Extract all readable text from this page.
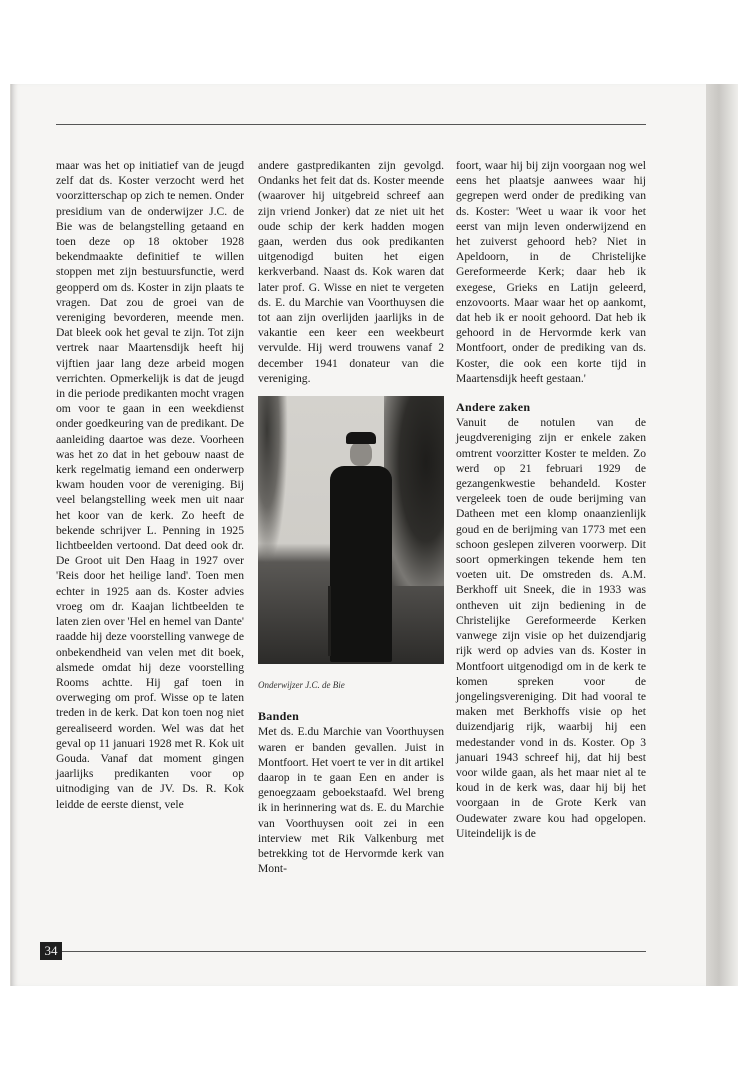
maar was het op initiatief van de jeugd zelf dat ds. Koster verzocht werd het voorzitterschap op zich te nemen. Onder presidium van de onderwijzer J.C. de Bie was de belangstelling getaand en toen deze op 18 oktober 1928 bekendmaakte definitief te willen stoppen met zijn bestuursfunctie, werd geopperd om ds. Koster in zijn plaats te vragen. Dat zou de groei van de vereniging bevorderen, meende men. Dat bleek ook het geval te zijn. Tot zijn vertrek naar Maartensdijk heeft hij vijftien jaar lang deze arbeid mogen verrichten. Opmerkelijk is dat de jeugd in die periode predikanten mocht vragen om voor te gaan in een weekdienst onder goedkeuring van de predikant. De aanleiding daartoe was deze. Voorheen was het zo dat in het gebouw naast de kerk regelmatig iemand een onderwerp kwam houden voor de vereniging. Bij veel belangstelling week men uit naar het koor van de kerk. Zo heeft de bekende schrijver L. Penning in 1925 lichtbeelden vertoond. Dat deed ook dr. De Groot uit Den Haag in 1927 over 'Reis door het heilige land'. Toen men echter in 1925 aan ds. Koster advies vroeg om dr. Kaajan lichtbeelden te laten zien over 'Hel en hemel van Dante' raadde hij deze voorstelling vanwege de onbekendheid van velen met dit boek, alsmede omdat hij deze voorstelling Rooms achtte. Hij gaf toen in overweging om prof. Wisse op te laten treden in de kerk. Dat kon toen nog niet gerealiseerd worden. Wel was dat het geval op 11 januari 1928 met R. Kok uit Gouda. Vanaf dat moment gingen jaarlijks predikanten voor op uitnodiging van de JV. Ds. R. Kok leidde de eerste dienst, vele

andere gastpredikanten zijn gevolgd. Ondanks het feit dat ds. Koster meende (waarover hij uitgebreid schreef aan zijn vriend Jonker) dat ze niet uit het oude schip der kerk hadden mogen gaan, werden dus ook predikanten uitgenodigd buiten het eigen kerkverband. Naast ds. Kok waren dat later prof. G. Wisse en niet te vergeten ds. E. du Marchie van Voorthuysen die tot aan zijn overlijden jaarlijks in de vakantie een keer een weekbeurt vervulde. Hij werd trouwens vanaf 2 december 1941 donateur van die vereniging.

Onderwijzer J.C. de Bie
Banden

Met ds. E.du Marchie van Voorthuysen waren er banden gevallen. Juist in Montfoort. Het voert te ver in dit artikel daarop in te gaan Een en ander is genoegzaam geboekstaafd. Wel breng ik in herinnering wat ds. E. du Marchie van Voorthuysen ooit zei in een interview met Rik Valkenburg met betrekking tot de Hervormde kerk van Mont-

foort, waar hij bij zijn voorgaan nog wel eens het plaatsje aanwees waar hij gegrepen werd onder de prediking van ds. Koster: 'Weet u waar ik voor het eerst van mijn leven onderwijzend en het zuiverst gehoord heb? Niet in Apeldoorn, in de Christelijke Gereformeerde Kerk; daar heb ik exegese, Grieks en Latijn geleerd, enzovoorts. Maar waar het op aankomt, dat heb ik er nooit gehoord. Dat heb ik gehoord in de Hervormde kerk van Montfoort, onder de prediking van ds. Koster, die ook een korte tijd in Maartensdijk heeft gestaan.'

Andere zaken

Vanuit de notulen van de jeugdvereniging zijn er enkele zaken omtrent voorzitter Koster te melden. Zo werd op 21 februari 1929 de gezangenkwestie behandeld. Koster vergeleek toen de oude berijming van Datheen met een klomp onaanzienlijk goud en de berijming van 1773 met een schoon geslepen zilveren voorwerp. Dit soort opmerkingen tekende hem ten voeten uit. De omstreden ds. A.M. Berkhoff uit Sneek, die in 1933 was ontheven uit zijn bediening in de Christelijke Gereformeerde Kerken vanwege zijn visie op het duizendjarig rijk werd op advies van ds. Koster in Montfoort uitgenodigd om in de kerk te komen spreken voor de jongelingsvereniging. Dit had vooral te maken met Berkhoffs visie op het duizendjarig rijk, waarbij hij een medestander vond in ds. Koster. Op 3 januari 1943 schreef hij, dat hij best voor wilde gaan, als het maar niet al te koud in de kerk was, daar hij bij het voorgaan in de Grote Kerk van Oudewater zware kou had opgelopen. Uiteindelijk is de

34
